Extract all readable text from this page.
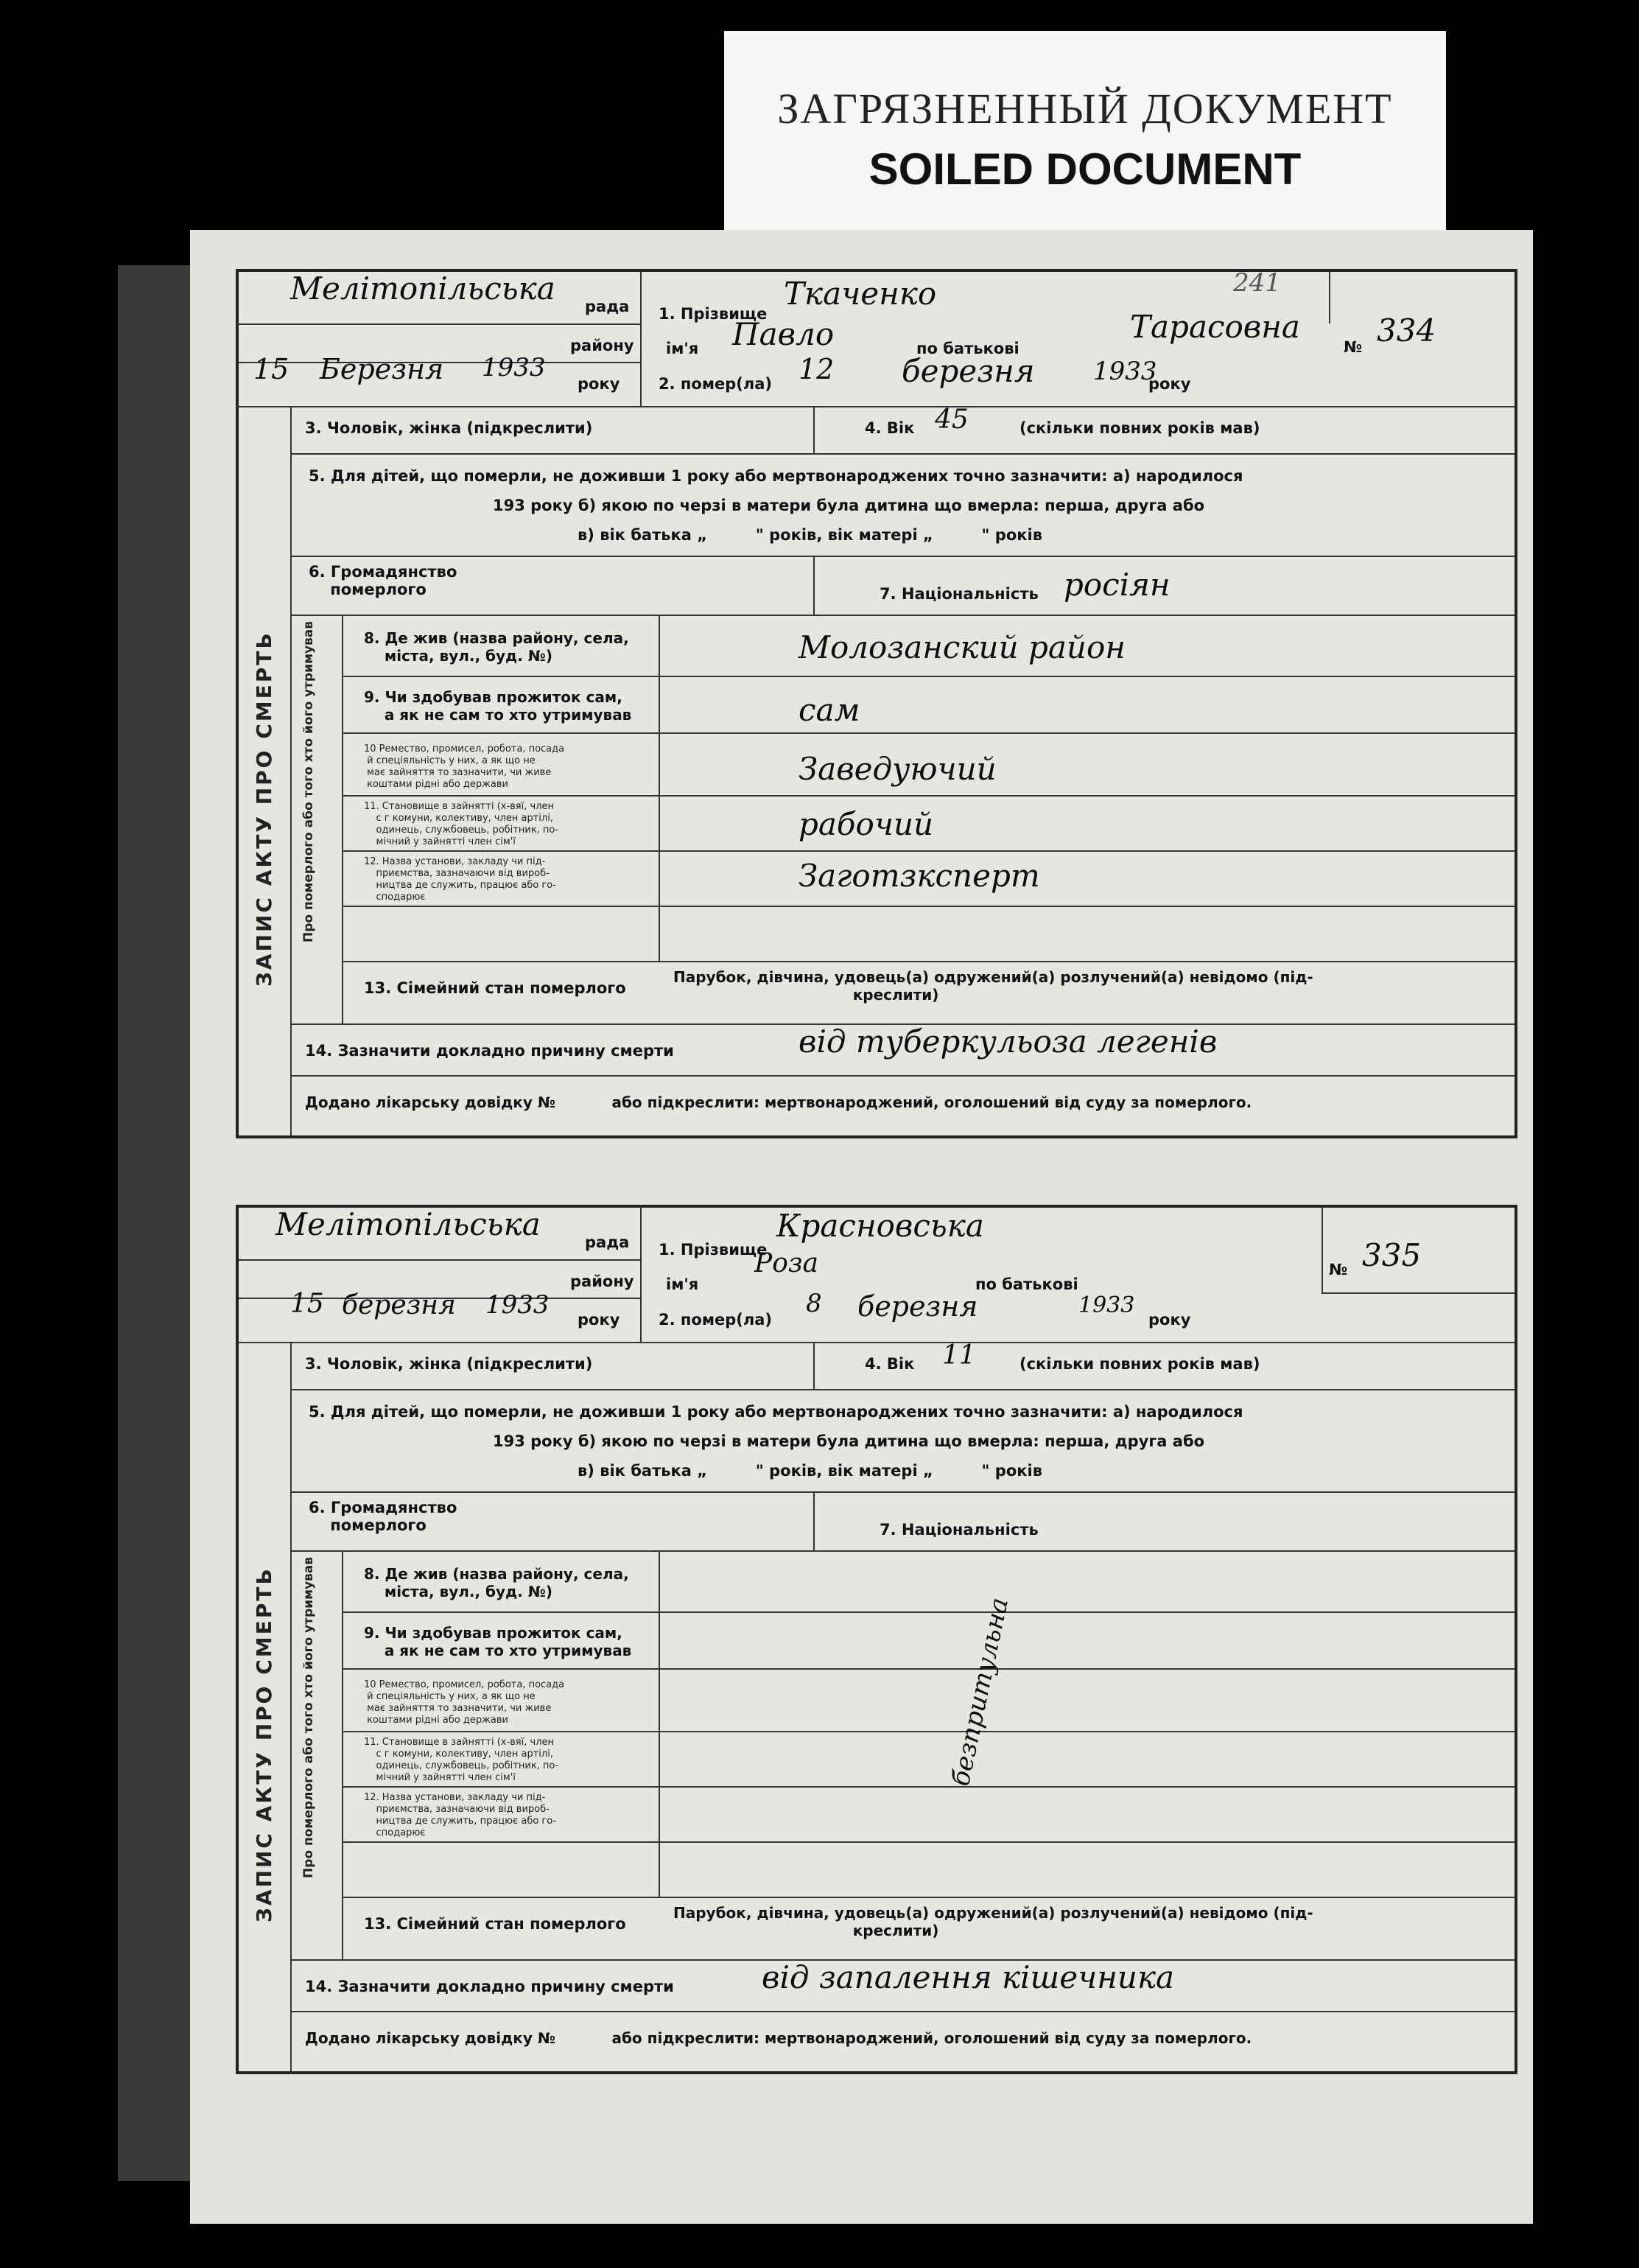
ЗАГРЯЗНЕННЫЙ ДОКУМЕНТ
SOILED DOCUMENT
Мелітопільська рада
району
15 Березня 1933
року
1. Прізвище
Ткаченко
ім'я Павло	по батькові
Тарасовна
№ 334
241
2. помер(ла) 12 березня 1933
року
3. Чоловік, жінка (підкреслити)	4. Вік 45	(скільки повних років мав)
5. Для дітей, що померли, не доживши 1 року або мертвонароджених точно зазначити: а) народилося
193 року б) якою по черзі в матери була дитина що вмерла: перша, друга або
в) вік батька „         " років, вік матері „         " років
6. Громадянство
померлого	7. Національність росіян
8. Де жив (назва району, села,
міста, вул., буд. №)	Молозанский район
9. Чи здобував прожиток сам,
а як не сам то хто утримував	сам
10 Ремество, промисел, робота, посада
й спеціяльність у них, а як що не
має зайняття то зазначити, чи живе
коштами рідні або держави	Заведуючий
11. Становище в зайнятті (х-вяї, член
с г комуни, колективу, член артілі,
одинець, службовець, робітник, по-
мічний у зайнятті член сім'ї	рабочий
12. Назва установи, закладу чи під-
приємства, зазначаючи від вироб-
ництва де служить, працює або го-
сподарює
Заготзксперт
13. Сімейний стан померлого
Парубок, дівчина, удовець(а) одружений(а) розлучений(а) невідомо (під-
креслити)
14. Зазначити докладно причину смерти	від туберкульоза легенів
Додано лікарську довідку №           або підкреслити: мертвонароджений, оголошений від суду за померлого.
ЗАПИС АКТУ ПРО СМЕРТЬ Про померлого або того хто його утримував
Мелітопільська	рада
району
15 березня 1933 року
1. Прізвище
Красновська
ім'я
Роза
по батькові
№ 335
2. помер(ла)
8 березня	1933
року
3. Чоловік, жінка (підкреслити)	4. Вік 11	(скільки повних років мав)
5. Для дітей, що померли, не доживши 1 року або мертвонароджених точно зазначити: а) народилося
193 року б) якою по черзі в матери була дитина що вмерла: перша, друга або
в) вік батька „         " років, вік матері „         " років
6. Громадянство
померлого	7. Національність
8. Де жив (назва району, села,
міста, вул., буд. №)
9. Чи здобував прожиток сам,
а як не сам то хто утримував
10 Ремество, промисел, робота, посада
й спеціяльність у них, а як що не
має зайняття то зазначити, чи живе
коштами рідні або держави
11. Становище в зайнятті (х-вяї, член
с г комуни, колективу, член артілі,
одинець, службовець, робітник, по-
мічний у зайнятті член сім'ї
12. Назва установи, закладу чи під-
приємства, зазначаючи від вироб-
ництва де служить, працює або го-
сподарює
безпритульна
13. Сімейний стан померлого
Парубок, дівчина, удовець(а) одружений(а) розлучений(а) невідомо (під-
креслити)
14. Зазначити докладно причину смерти	від запалення кішечника
Додано лікарську довідку №           або підкреслити: мертвонароджений, оголошений від суду за померлого.
ЗАПИС АКТУ ПРО СМЕРТЬ Про померлого або того хто його утримував
